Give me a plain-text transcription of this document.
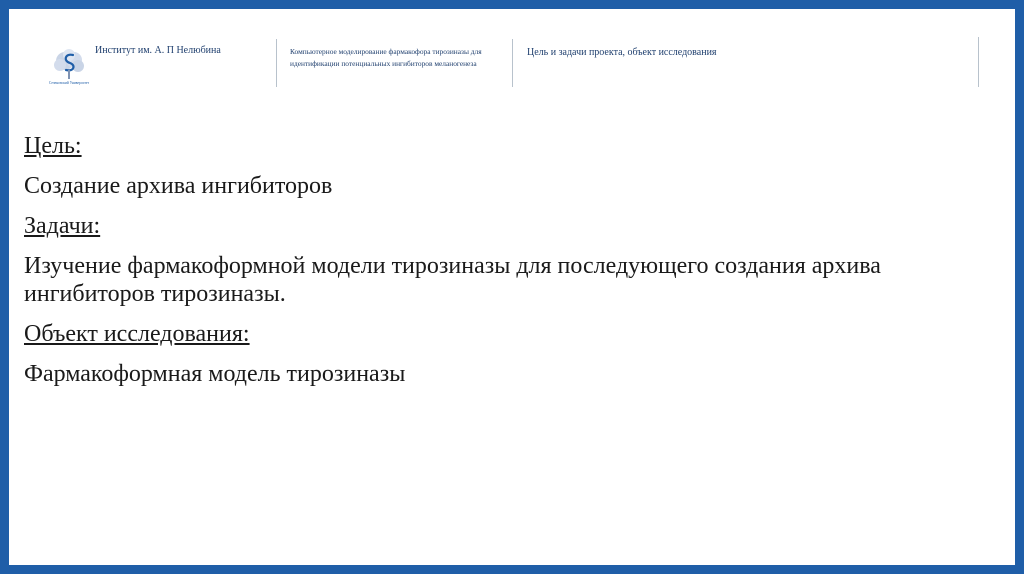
Сеченовский Университет
Институт им. А. П Нелюбина	Компьютерное моделирование фармакофора тирозиназы для идентификации потенциальных ингибиторов меланогенеза
Цель и задачи проекта, объект исследования

Цель:

Создание архива ингибиторов

Задачи:

Изучение фармакоформной модели тирозиназы для последующего создания архива ингибиторов тирозиназы.

Объект исследования:

Фармакоформная модель тирозиназы
